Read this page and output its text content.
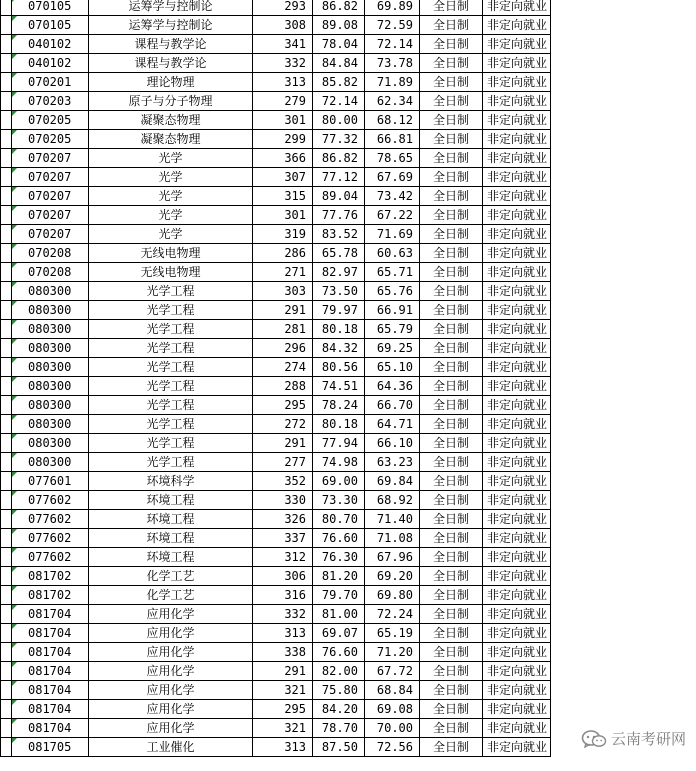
070105	运筹学与控制论	293	86.82	69.89	全日制	非定向就业

070105	运筹学与控制论	308	89.08	72.59	全日制	非定向就业

040102	课程与教学论	341	78.04	72.14	全日制	非定向就业

040102	课程与教学论	332	84.84	73.78	全日制	非定向就业

070201	理论物理	313	85.82	71.89	全日制	非定向就业

070203	原子与分子物理	279	72.14	62.34	全日制	非定向就业

070205	凝聚态物理	301	80.00	68.12	全日制	非定向就业

070205	凝聚态物理	299	77.32	66.81	全日制	非定向就业

070207	光学	366	86.82	78.65	全日制	非定向就业

070207	光学	307	77.12	67.69	全日制	非定向就业

070207	光学	315	89.04	73.42	全日制	非定向就业

070207	光学	301	77.76	67.22	全日制	非定向就业

070207	光学	319	83.52	71.69	全日制	非定向就业

070208	无线电物理	286	65.78	60.63	全日制	非定向就业

070208	无线电物理	271	82.97	65.71	全日制	非定向就业

080300	光学工程	303	73.50	65.76	全日制	非定向就业

080300	光学工程	291	79.97	66.91	全日制	非定向就业

080300	光学工程	281	80.18	65.79	全日制	非定向就业

080300	光学工程	296	84.32	69.25	全日制	非定向就业

080300	光学工程	274	80.56	65.10	全日制	非定向就业

080300	光学工程	288	74.51	64.36	全日制	非定向就业

080300	光学工程	295	78.24	66.70	全日制	非定向就业

080300	光学工程	272	80.18	64.71	全日制	非定向就业

080300	光学工程	291	77.94	66.10	全日制	非定向就业

080300	光学工程	277	74.98	63.23	全日制	非定向就业

077601	环境科学	352	69.00	69.84	全日制	非定向就业

077602	环境工程	330	73.30	68.92	全日制	非定向就业

077602	环境工程	326	80.70	71.40	全日制	非定向就业

077602	环境工程	337	76.60	71.08	全日制	非定向就业

077602	环境工程	312	76.30	67.96	全日制	非定向就业

081702	化学工艺	306	81.20	69.20	全日制	非定向就业

081702	化学工艺	316	79.70	69.80	全日制	非定向就业

081704	应用化学	332	81.00	72.24	全日制	非定向就业

081704	应用化学	313	69.07	65.19	全日制	非定向就业

081704	应用化学	338	76.60	71.20	全日制	非定向就业

081704	应用化学	291	82.00	67.72	全日制	非定向就业

081704	应用化学	321	75.80	68.84	全日制	非定向就业

081704	应用化学	295	84.20	69.08	全日制	非定向就业

081704	应用化学	321	78.70	70.00	全日制	非定向就业

081705	工业催化	313	87.50	72.56	全日制	非定向就业	云南考研网
